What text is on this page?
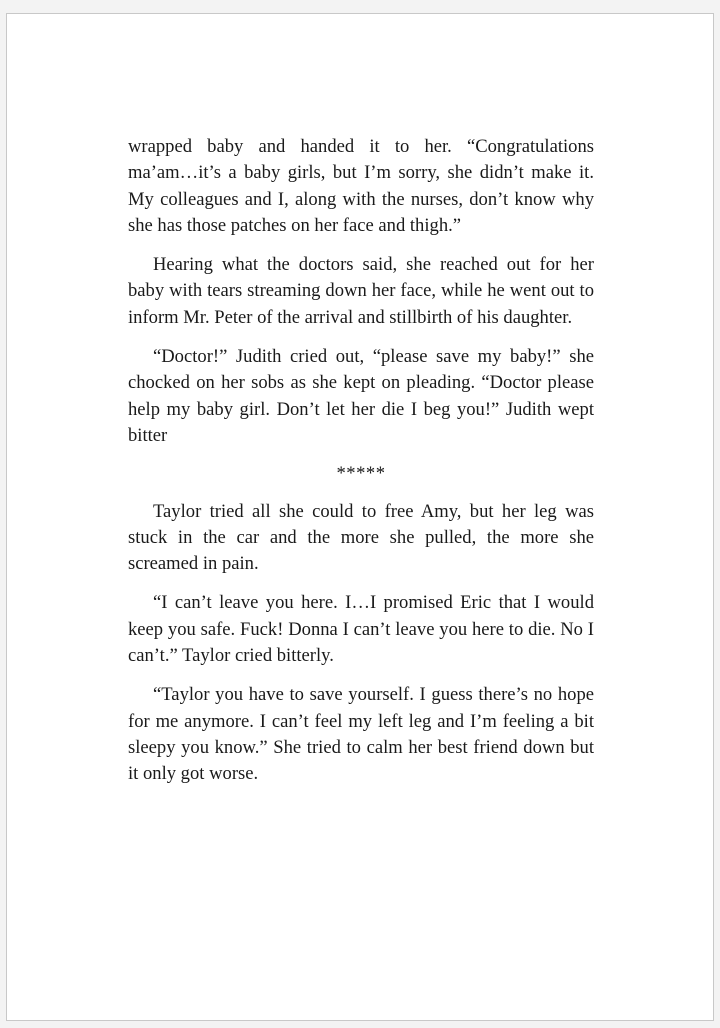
wrapped baby and handed it to her. “Congratulations ma’am…it’s a baby girls, but I’m sorry, she didn’t make it. My colleagues and I, along with the nurses, don’t know why she has those patches on her face and thigh.”

Hearing what the doctors said, she reached out for her baby with tears streaming down her face, while he went out to inform Mr. Peter of the arrival and stillbirth of his daughter.

“Doctor!” Judith cried out, “please save my baby!” she chocked on her sobs as she kept on pleading. “Doctor please help my baby girl. Don’t let her die I beg you!” Judith wept bitter

*****

Taylor tried all she could to free Amy, but her leg was stuck in the car and the more she pulled, the more she screamed in pain.

“I can’t leave you here. I…I promised Eric that I would keep you safe. Fuck! Donna I can’t leave you here to die. No I can’t.” Taylor cried bitterly.

“Taylor you have to save yourself. I guess there’s no hope for me anymore. I can’t feel my left leg and I’m feeling a bit sleepy you know.” She tried to calm her best friend down but it only got worse.
